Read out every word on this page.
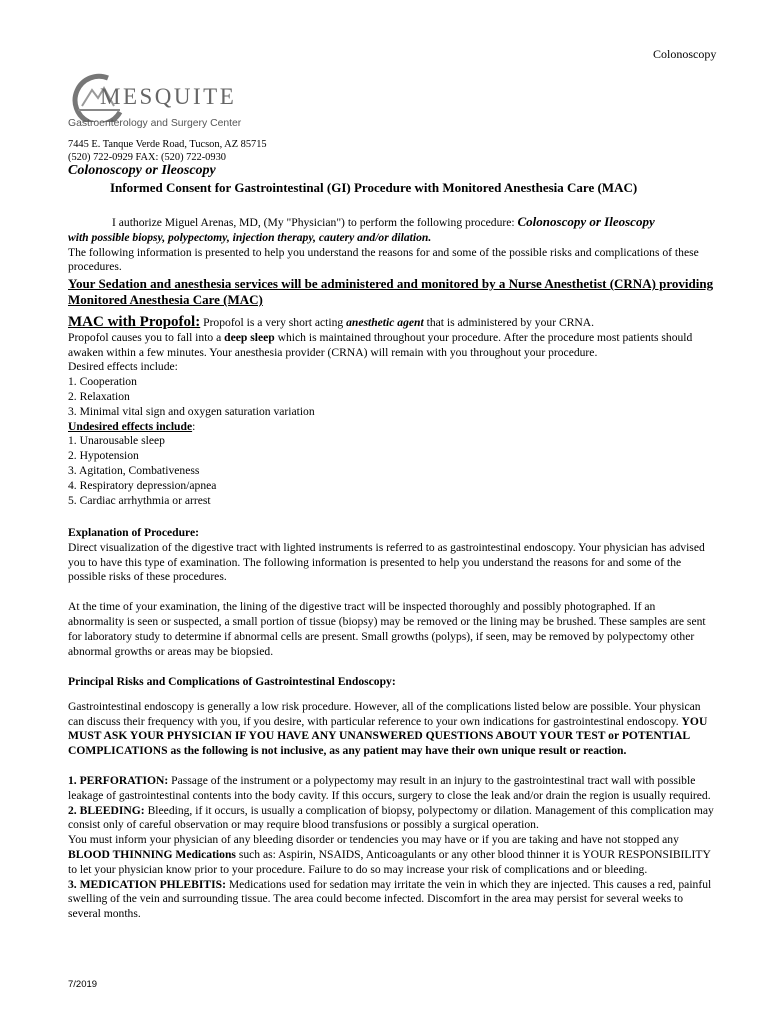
Colonoscopy
MESQUITE
Gastroenterology and Surgery Center
7445 E. Tanque Verde Road, Tucson, AZ 85715
(520) 722-0929 FAX: (520) 722-0930
Colonoscopy or Ileoscopy
Informed Consent for Gastrointestinal (GI) Procedure with Monitored Anesthesia Care (MAC)

I authorize Miguel Arenas, MD, (My "Physician") to perform the following procedure: Colonoscopy or Ileoscopy

with possible biopsy, polypectomy, injection therapy, cautery and/or dilation.

The following information is presented to help you understand the reasons for and some of the possible risks and complications of these procedures.

Your Sedation and anesthesia services will be administered and monitored by a Nurse Anesthetist (CRNA) providing Monitored Anesthesia Care (MAC)

MAC with Propofol: Propofol is a very short acting anesthetic agent that is administered by your CRNA.

Propofol causes you to fall into a deep sleep which is maintained throughout your procedure. After the procedure most patients should awaken within a few minutes. Your anesthesia provider (CRNA) will remain with you throughout your procedure.

Desired effects include:

1. Cooperation
2. Relaxation
3. Minimal vital sign and oxygen saturation variation

Undesired effects include:

1. Unarousable sleep
2. Hypotension
3. Agitation, Combativeness
4. Respiratory depression/apnea
5. Cardiac arrhythmia or arrest

Explanation of Procedure:

Direct visualization of the digestive tract with lighted instruments is referred to as gastrointestinal endoscopy. Your physician has advised you to have this type of examination. The following information is presented to help you understand the reasons for and some of the possible risks of these procedures.

At the time of your examination, the lining of the digestive tract will be inspected thoroughly and possibly photographed. If an abnormality is seen or suspected, a small portion of tissue (biopsy) may be removed or the lining may be brushed. These samples are sent for laboratory study to determine if abnormal cells are present. Small growths (polyps), if seen, may be removed by polypectomy other abnormal growths or areas may be biopsied.

Principal Risks and Complications of Gastrointestinal Endoscopy:

Gastrointestinal endoscopy is generally a low risk procedure. However, all of the complications listed below are possible. Your physican can discuss their frequency with you, if you desire, with particular reference to your own indications for gastrointestinal endoscopy. YOU MUST ASK YOUR PHYSICIAN IF YOU HAVE ANY UNANSWERED QUESTIONS ABOUT YOUR TEST or POTENTIAL COMPLICATIONS as the following is not inclusive, as any patient may have their own unique result or reaction.

1. PERFORATION: Passage of the instrument or a polypectomy may result in an injury to the gastrointestinal tract wall with possible leakage of gastrointestinal contents into the body cavity. If this occurs, surgery to close the leak and/or drain the region is usually required.

2. BLEEDING: Bleeding, if it occurs, is usually a complication of biopsy, polypectomy or dilation. Management of this complication may consist only of careful observation or may require blood transfusions or possibly a surgical operation.

You must inform your physician of any bleeding disorder or tendencies you may have or if you are taking and have not stopped any BLOOD THINNING Medications such as: Aspirin, NSAIDS, Anticoagulants or any other blood thinner it is YOUR RESPONSIBILITY to let your physician know prior to your procedure. Failure to do so may increase your risk of complications and or bleeding.

3. MEDICATION PHLEBITIS: Medications used for sedation may irritate the vein in which they are injected. This causes a red, painful swelling of the vein and surrounding tissue. The area could become infected. Discomfort in the area may persist for several weeks to several months.

7/2019
